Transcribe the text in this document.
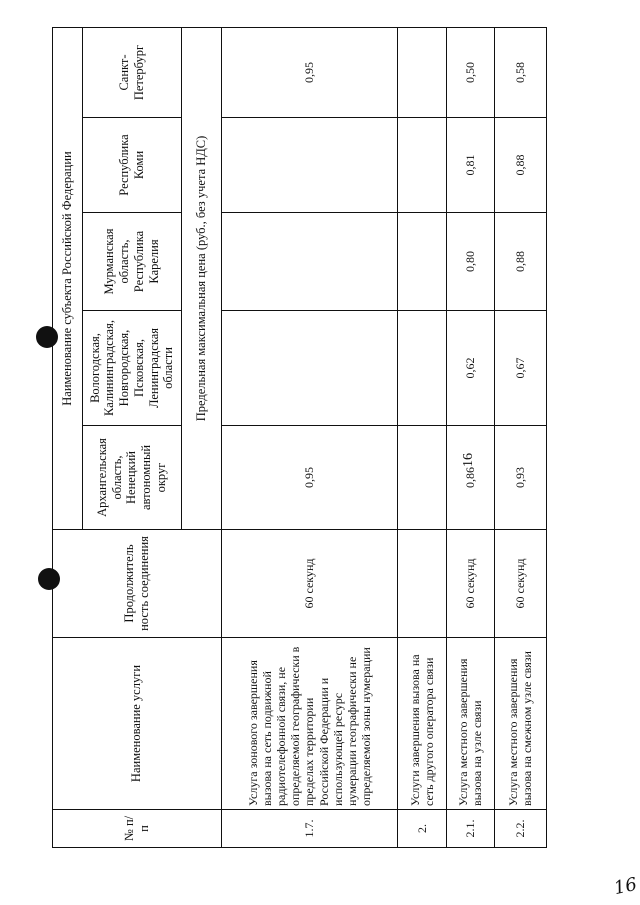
16
№ п/п	Наименование услуги	Продолжитель ность соединения	Наименование субъекта Российской Федерации				
			Архангельская область, Ненецкий автономный округ	Вологодская, Калининградская, Новгородская, Псковская, Ленинградская области	Мурманская область, Республика Карелия	Республика Коми	Санкт-Петербург
			Предельная максимальная цена (руб., без учета НДС)				
1.7.	Услуга зонового завершения вызова на сеть подвижной радиотелефонной связи, не определяемой географически в пределах территории Российской Федерации и использующей ресурс нумерации географически не определяемой зоны нумерации	60 секунд	0,95				0,95
2.	Услуги завершения вызова на сеть другого оператора связи						
2.1.	Услуга местного завершения вызова на узле связи	60 секунд	0,86	0,62	0,80	0,81	0,50
2.2.	Услуга местного завершения вызова на смежном узле связи	60 секунд	0,93	0,67	0,88	0,88	0,58
16
